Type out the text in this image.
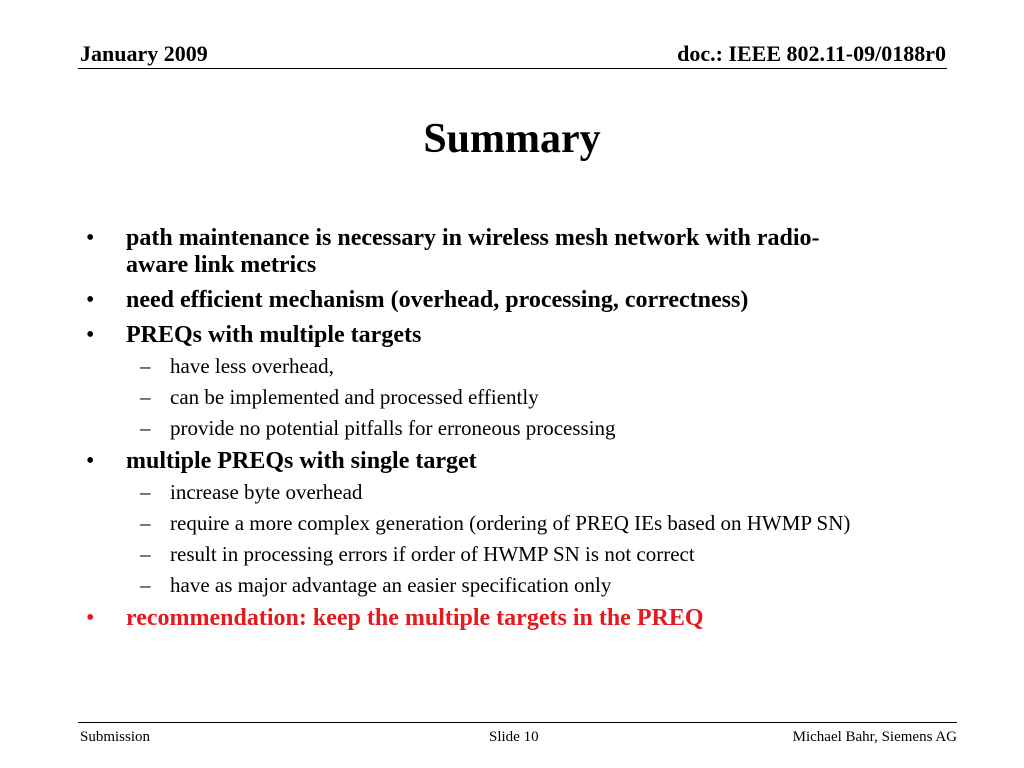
January 2009	doc.: IEEE 802.11-09/0188r0
Summary
• path maintenance is necessary in wireless mesh network with radio-aware link metrics
• need efficient mechanism (overhead, processing, correctness)
• PREQs with multiple targets
– have less overhead,
– can be implemented and processed effiently
– provide no potential pitfalls for erroneous processing
• multiple PREQs with single target
– increase byte overhead
– require a more complex generation (ordering of PREQ IEs based on HWMP SN)
– result in processing errors if order of HWMP SN is not correct
– have as major advantage an easier specification only
• recommendation: keep the multiple targets in the PREQ
Submission	Slide 10	Michael Bahr, Siemens AG
